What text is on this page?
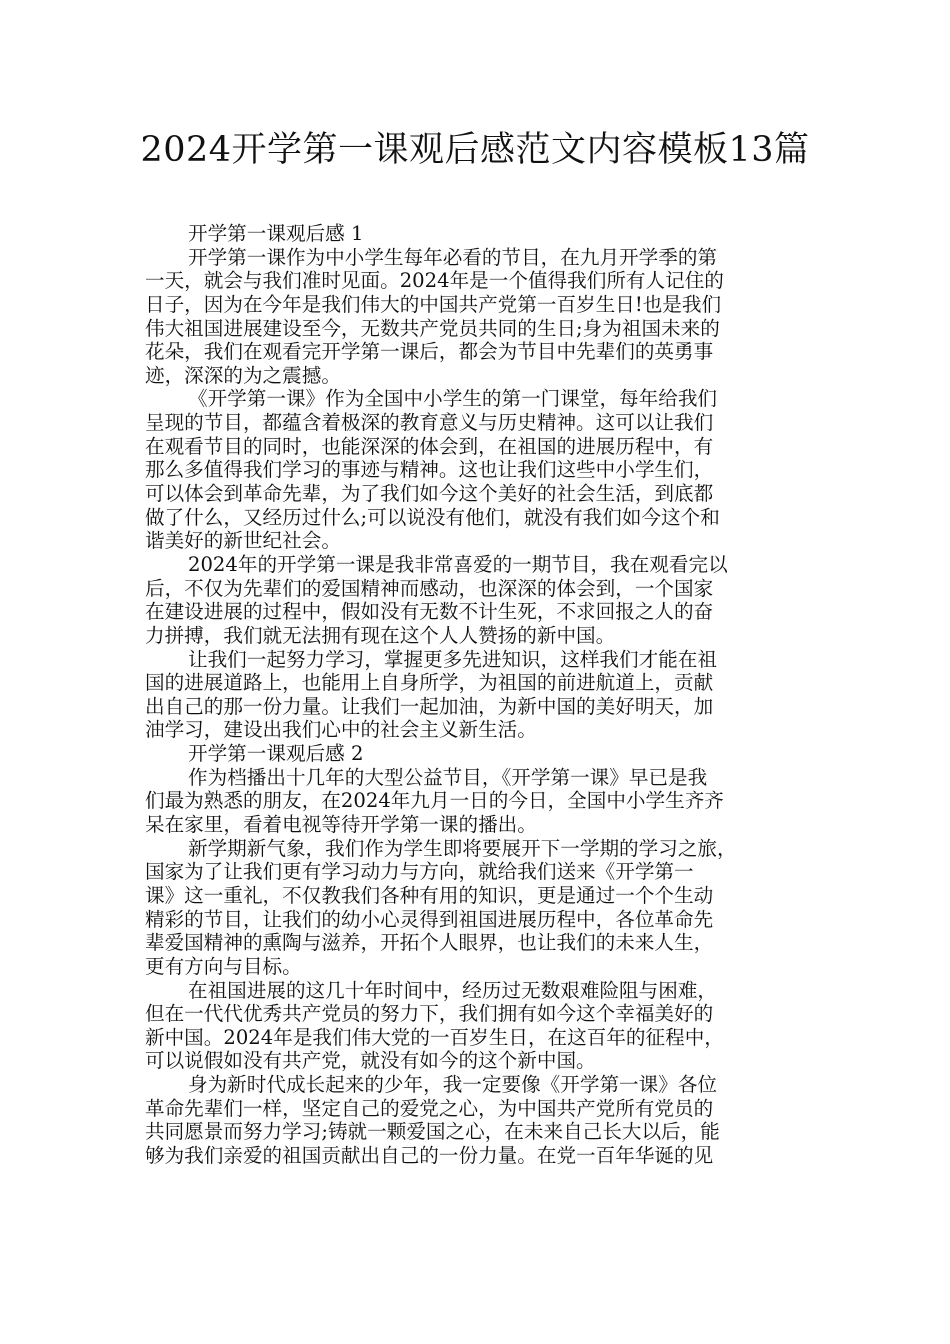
2024开学第一课观后感范文内容模板13篇
开学第一课观后感 1
开学第一课作为中小学生每年必看的节目，在九月开学季的第
一天，就会与我们准时见面。2024年是一个值得我们所有人记住的
日子，因为在今年是我们伟大的中国共产党第一百岁生日!也是我们
伟大祖国进展建设至今，无数共产党员共同的生日;身为祖国未来的
花朵，我们在观看完开学第一课后，都会为节目中先辈们的英勇事
迹，深深的为之震撼。
《开学第一课》作为全国中小学生的第一门课堂，每年给我们
呈现的节目，都蕴含着极深的教育意义与历史精神。这可以让我们
在观看节目的同时，也能深深的体会到，在祖国的进展历程中，有
那么多值得我们学习的事迹与精神。这也让我们这些中小学生们，
可以体会到革命先辈，为了我们如今这个美好的社会生活，到底都
做了什么，又经历过什么;可以说没有他们，就没有我们如今这个和
谐美好的新世纪社会。
2024年的开学第一课是我非常喜爱的一期节目，我在观看完以
后，不仅为先辈们的爱国精神而感动，也深深的体会到，一个国家
在建设进展的过程中，假如没有无数不计生死，不求回报之人的奋
力拼搏，我们就无法拥有现在这个人人赞扬的新中国。
让我们一起努力学习，掌握更多先进知识，这样我们才能在祖
国的进展道路上，也能用上自身所学，为祖国的前进航道上，贡献
出自己的那一份力量。让我们一起加油，为新中国的美好明天，加
油学习，建设出我们心中的社会主义新生活。
开学第一课观后感 2
作为档播出十几年的大型公益节目，《开学第一课》早已是我
们最为熟悉的朋友，在2024年九月一日的今日，全国中小学生齐齐
呆在家里，看着电视等待开学第一课的播出。
新学期新气象，我们作为学生即将要展开下一学期的学习之旅，
国家为了让我们更有学习动力与方向，就给我们送来《开学第一
课》这一重礼，不仅教我们各种有用的知识，更是通过一个个生动
精彩的节目，让我们的幼小心灵得到祖国进展历程中，各位革命先
辈爱国精神的熏陶与滋养，开拓个人眼界，也让我们的未来人生，
更有方向与目标。
在祖国进展的这几十年时间中，经历过无数艰难险阻与困难，
但在一代代优秀共产党员的努力下，我们拥有如今这个幸福美好的
新中国。2024年是我们伟大党的一百岁生日，在这百年的征程中，
可以说假如没有共产党，就没有如今的这个新中国。
身为新时代成长起来的少年，我一定要像《开学第一课》各位
革命先辈们一样，坚定自己的爱党之心，为中国共产党所有党员的
共同愿景而努力学习;铸就一颗爱国之心，在未来自己长大以后，能
够为我们亲爱的祖国贡献出自己的一份力量。在党一百年华诞的见
